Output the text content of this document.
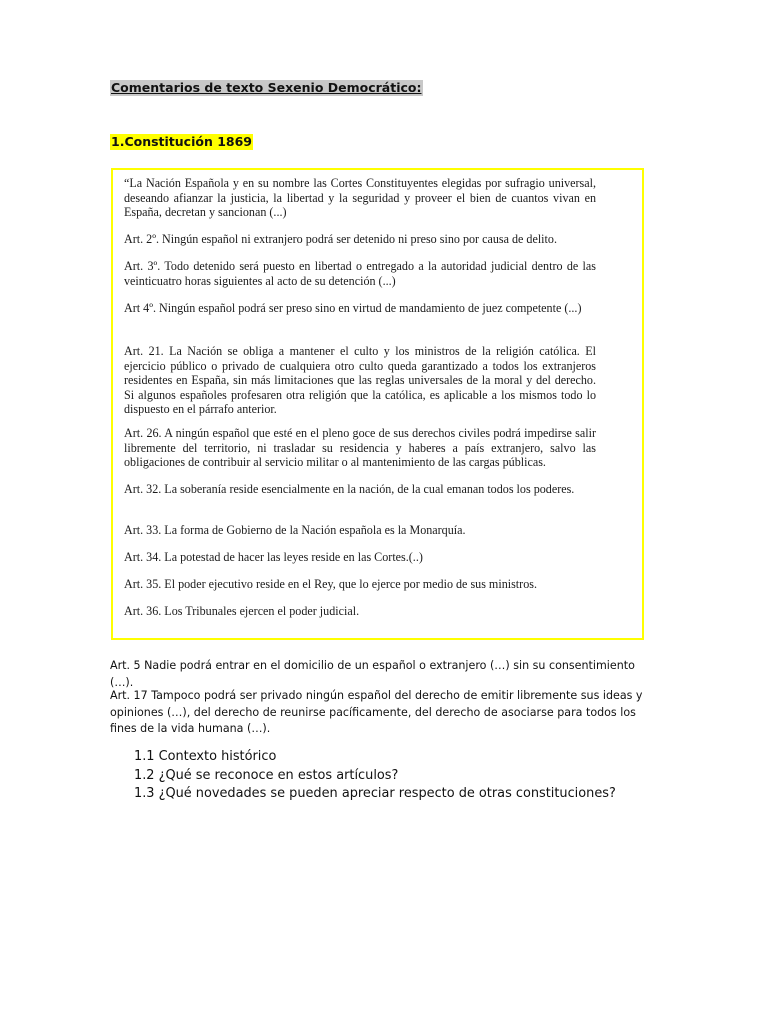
Comentarios de texto Sexenio Democrático:
1.Constitución 1869

“La Nación Española y en su nombre las Cortes Constituyentes elegidas por sufragio universal, deseando afianzar la justicia, la libertad y la seguridad y proveer el bien de cuantos vivan en España, decretan y sancionan (...)

Art. 2º. Ningún español ni extranjero podrá ser detenido ni preso sino por causa de delito.

Art. 3º. Todo detenido será puesto en libertad o entregado a la autoridad judicial dentro de las veinticuatro horas siguientes al acto de su detención (...)

Art 4º. Ningún español podrá ser preso sino en virtud de mandamiento de juez competente (...)

Art. 21. La Nación se obliga a mantener el culto y los ministros de la religión católica. El ejercicio público o privado de cualquiera otro culto queda garantizado a todos los extranjeros residentes en España, sin más limitaciones que las reglas universales de la moral y del derecho. Si algunos españoles profesaren otra religión que la católica, es aplicable a los mismos todo lo dispuesto en el párrafo anterior.

Art. 26. A ningún español que esté en el pleno goce de sus derechos civiles podrá impedirse salir libremente del territorio, ni trasladar su residencia y haberes a país extranjero, salvo las obligaciones de contribuir al servicio militar o al mantenimiento de las cargas públicas.

Art. 32. La soberanía reside esencialmente en la nación, de la cual emanan todos los poderes.

Art. 33. La forma de Gobierno de la Nación española es la Monarquía.

Art. 34. La potestad de hacer las leyes reside en las Cortes.(..)

Art. 35. El poder ejecutivo reside en el Rey, que lo ejerce por medio de sus ministros.

Art. 36. Los Tribunales ejercen el poder judicial.

Art. 5 Nadie podrá entrar en el domicilio de un español o extranjero (…) sin su consentimiento (…).

Art. 17 Tampoco podrá ser privado ningún español del derecho de emitir libremente sus ideas y opiniones (…), del derecho de reunirse pacíficamente, del derecho de asociarse para todos los fines de la vida humana (…).

1.1 Contexto histórico
1.2 ¿Qué se reconoce en estos artículos?
1.3 ¿Qué novedades se pueden apreciar respecto de otras constituciones?
